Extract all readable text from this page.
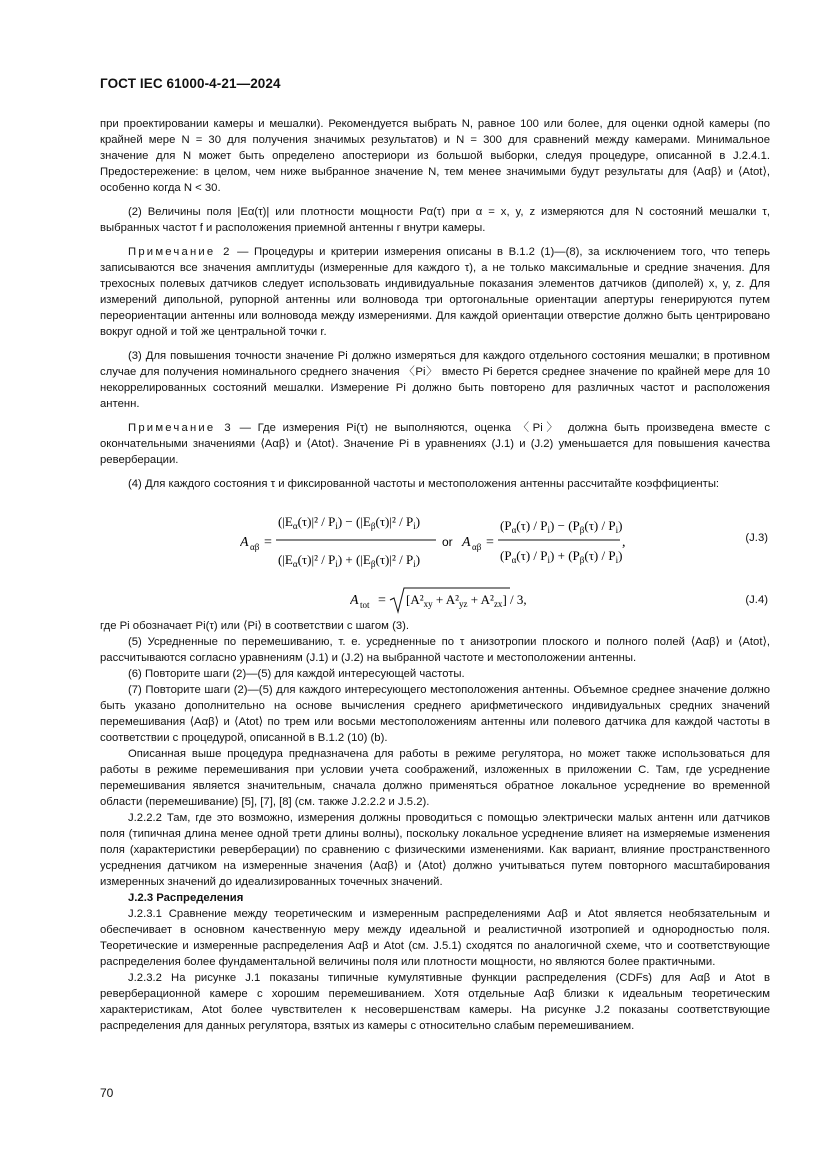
ГОСТ IEC 61000-4-21—2024

при проектировании камеры и мешалки). Рекомендуется выбрать N, равное 100 или более, для оценки одной камеры (по крайней мере N = 30 для получения значимых результатов) и N = 300 для сравнений между камерами. Минимальное значение для N может быть определено апостериори из большой выборки, следуя процедуре, описанной в J.2.4.1. Предостережение: в целом, чем ниже выбранное значение N, тем менее значимыми будут результаты для ⟨Aαβ⟩ и ⟨Atot⟩, особенно когда N < 30.

(2) Величины поля |Eα(τ)| или плотности мощности Pα(τ) при α = x, y, z измеряются для N состояний мешалки τ, выбранных частот f и расположения приемной антенны r внутри камеры.

Примечание 2 — Процедуры и критерии измерения описаны в B.1.2 (1)—(8), за исключением того, что теперь записываются все значения амплитуды (измеренные для каждого τ), а не только максимальные и средние значения. Для трехосных полевых датчиков следует использовать индивидуальные показания элементов датчиков (диполей) x, y, z. Для измерений дипольной, рупорной антенны или волновода три ортогональные ориентации апертуры генерируются путем переориентации антенны или волновода между измерениями. Для каждой ориентации отверстие должно быть центрировано вокруг одной и той же центральной точки r.

(3) Для повышения точности значение Pi должно измеряться для каждого отдельного состояния мешалки; в противном случае для получения номинального среднего значения 〈Pi〉 вместо Pi берется среднее значение по крайней мере для 10 некоррелированных состояний мешалки. Измерение Pi должно быть повторено для различных частот и расположения антенн.

Примечание 3 — Где измерения Pi(τ) не выполняются, оценка 〈Pi〉 должна быть произведена вместе с окончательными значениями ⟨Aαβ⟩ и ⟨Atot⟩. Значение Pi в уравнениях (J.1) и (J.2) уменьшается для повышения качества реверберации.

(4) Для каждого состояния τ и фиксированной частоты и местоположения антенны рассчитайте коэффициенты:

A αβ =
$(|E_\alpha(\tau)|^2 / P_i) - (|E_\beta(\tau)|^2 / P_i)$
$(|E_\alpha(\tau)|^2 / P_i) + (|E_\beta(\tau)|^2 / P_i)$
or A αβ =
$(P_\alpha(\tau) / P_i) - (P_\beta(\tau) / P_i)$
$(P_\alpha(\tau) / P_i) + (P_\beta(\tau) / P_i)$
,	(J.3)
A tot = $[A^2_{xy} + A^2_{yz} + A^2_{zx}] / 3$,	(J.4)

где Pi обозначает Pi(τ) или ⟨Pi⟩ в соответствии с шагом (3).

(5) Усредненные по перемешиванию, т. е. усредненные по τ анизотропии плоского и полного полей ⟨Aαβ⟩ и ⟨Atot⟩, рассчитываются согласно уравнениям (J.1) и (J.2) на выбранной частоте и местоположении антенны.

(6) Повторите шаги (2)—(5) для каждой интересующей частоты.

(7) Повторите шаги (2)—(5) для каждого интересующего местоположения антенны. Объемное среднее значение должно быть указано дополнительно на основе вычисления среднего арифметического индивидуальных средних значений перемешивания ⟨Aαβ⟩ и ⟨Atot⟩ по трем или восьми местоположениям антенны или полевого датчика для каждой частоты в соответствии с процедурой, описанной в B.1.2 (10) (b).

Описанная выше процедура предназначена для работы в режиме регулятора, но может также использоваться для работы в режиме перемешивания при условии учета соображений, изложенных в приложении C. Там, где усреднение перемешивания является значительным, сначала должно применяться обратное локальное усреднение во временной области (перемешивание) [5], [7], [8] (см. также J.2.2.2 и J.5.2).

J.2.2.2 Там, где это возможно, измерения должны проводиться с помощью электрически малых антенн или датчиков поля (типичная длина менее одной трети длины волны), поскольку локальное усреднение влияет на измеряемые изменения поля (характеристики реверберации) по сравнению с физическими изменениями. Как вариант, влияние пространственного усреднения датчиком на измеренные значения ⟨Aαβ⟩ и ⟨Atot⟩ должно учитываться путем повторного масштабирования измеренных значений до идеализированных точечных значений.

J.2.3 Распределения

J.2.3.1 Сравнение между теоретическим и измеренным распределениями Aαβ и Atot является необязательным и обеспечивает в основном качественную меру между идеальной и реалистичной изотропией и однородностью поля. Теоретические и измеренные распределения Aαβ и Atot (см. J.5.1) сходятся по аналогичной схеме, что и соответствующие распределения более фундаментальной величины поля или плотности мощности, но являются более практичными.

J.2.3.2 На рисунке J.1 показаны типичные кумулятивные функции распределения (CDFs) для Aαβ и Atot в реверберационной камере с хорошим перемешиванием. Хотя отдельные Aαβ близки к идеальным теоретическим характеристикам, Atot более чувствителен к несовершенствам камеры. На рисунке J.2 показаны соответствующие распределения для данных регулятора, взятых из камеры с относительно слабым перемешиванием.

70
